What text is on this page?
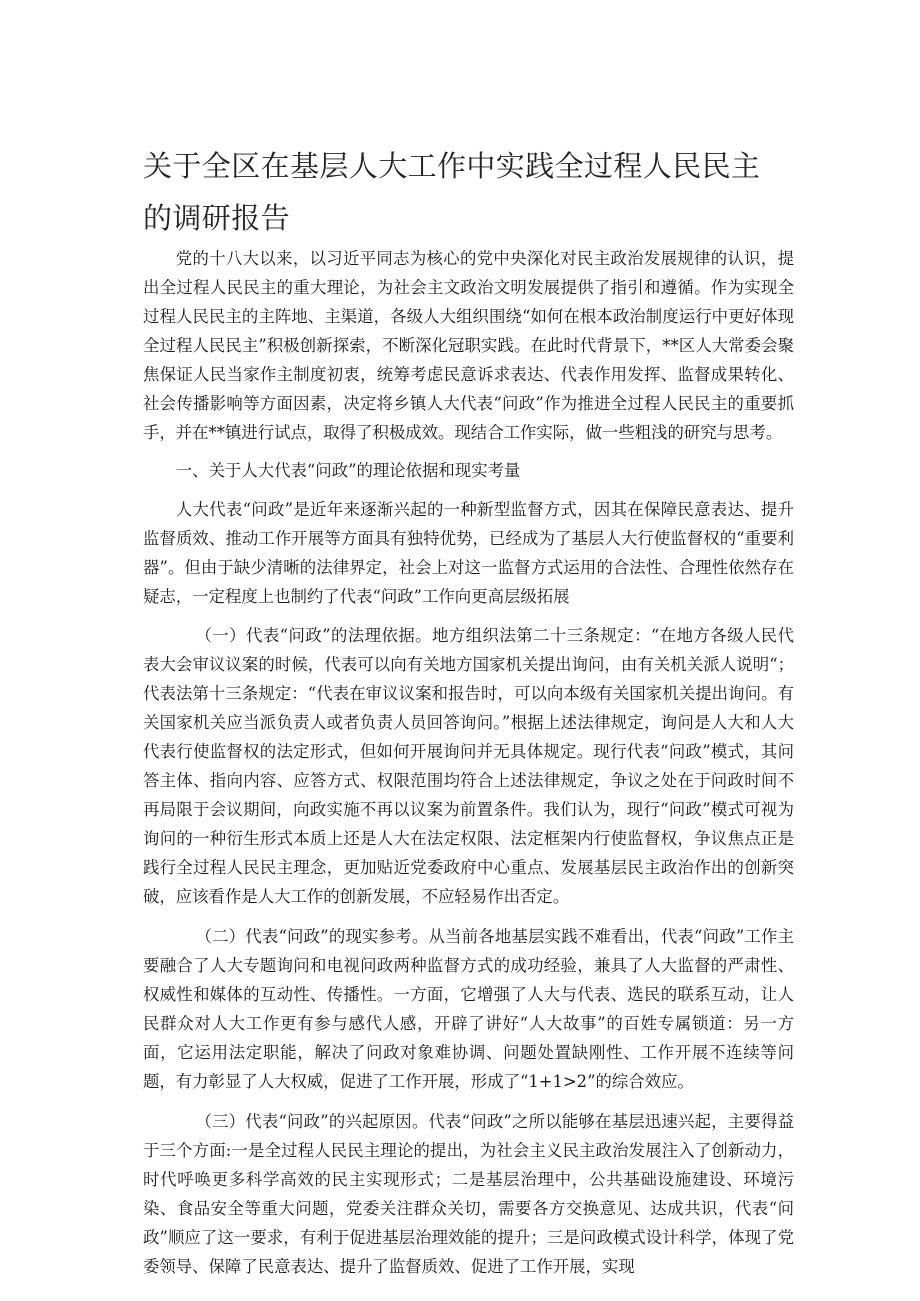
关于全区在基层人大工作中实践全过程人民民主的调研报告

党的十八大以来，以习近平同志为核心的党中央深化对民主政治发展规律的认识，提出全过程人民民主的重大理论，为社会主文政治文明发展提供了指引和遵循。作为实现全过程人民民主的主阵地、主渠道，各级人大组织围绕“如何在根本政治制度运行中更好体现全过程人民民主”积极创新探索，不断深化冠职实践。在此时代背景下，**区人大常委会聚焦保证人民当家作主制度初衷，统筹考虑民意诉求表达、代表作用发挥、监督成果转化、社会传播影响等方面因素，决定将乡镇人大代表“问政”作为推进全过程人民民主的重要抓手，并在**镇进行试点，取得了积极成效。现结合工作实际，做一些粗浅的研究与思考。

一、关于人大代表“问政”的理论依据和现实考量

人大代表“问政”是近年来逐渐兴起的一种新型监督方式，因其在保障民意表达、提升监督质效、推动工作开展等方面具有独特优势，已经成为了基层人大行使监督权的“重要利器”。但由于缺少清晰的法律界定，社会上对这一监督方式运用的合法性、合理性依然存在疑志，一定程度上也制约了代表“问政”工作向更高层级拓展

（一）代表“问政”的法理依据。地方组织法第二十三条规定：“在地方各级人民代表大会审议议案的时候，代表可以向有关地方国家机关提出询问，由有关机关派人说明“；代表法第十三条规定：“代表在审议议案和报告时，可以向本级有关国家机关提出询问。有关国家机关应当派负责人或者负责人员回答询问。”根据上述法律规定，询问是人大和人大代表行使监督权的法定形式，但如何开展询问并无具体规定。现行代表“问政”模式，其问答主体、指向内容、应答方式、权限范围均符合上述法律规定，争议之处在于问政时间不再局限于会议期间，向政实施不再以议案为前置条件。我们认为，现行“问政”模式可视为询问的一种衍生形式本质上还是人大在法定权限、法定框架内行使监督权，争议焦点正是践行全过程人民民主理念，更加贴近党委政府中心重点、发展基层民主政治作出的创新突破，应该看作是人大工作的创新发展，不应轻易作出否定。

（二）代表“问政”的现实参考。从当前各地基层实践不难看出，代表“问政”工作主要融合了人大专题询问和电视问政两种监督方式的成功经验，兼具了人大监督的严肃性、权威性和媒体的互动性、传播性。一方面，它增强了人大与代表、选民的联系互动，让人民群众对人大工作更有参与感代人感，开辟了讲好“人大故事”的百姓专属锁道：另一方面，它运用法定职能，解决了问政对象难协调、问题处置缺刚性、工作开展不连续等问题，有力彰显了人大权威，促进了工作开展，形成了“1+1>2”的综合效应。

（三）代表“问政”的兴起原因。代表“问政”之所以能够在基层迅速兴起，主要得益于三个方面:一是全过程人民民主理论的提出，为社会主义民主政治发展注入了创新动力，时代呼唤更多科学高效的民主实现形式；二是基层治理中，公共基础设施建设、环境污染、食品安全等重大问题，党委关注群众关切，需要各方交换意见、达成共识，代表“问政”顺应了这一要求，有利于促进基层治理效能的提升；三是问政模式设计科学，体现了党委领导、保障了民意表达、提升了监督质效、促进了工作开展，实现
